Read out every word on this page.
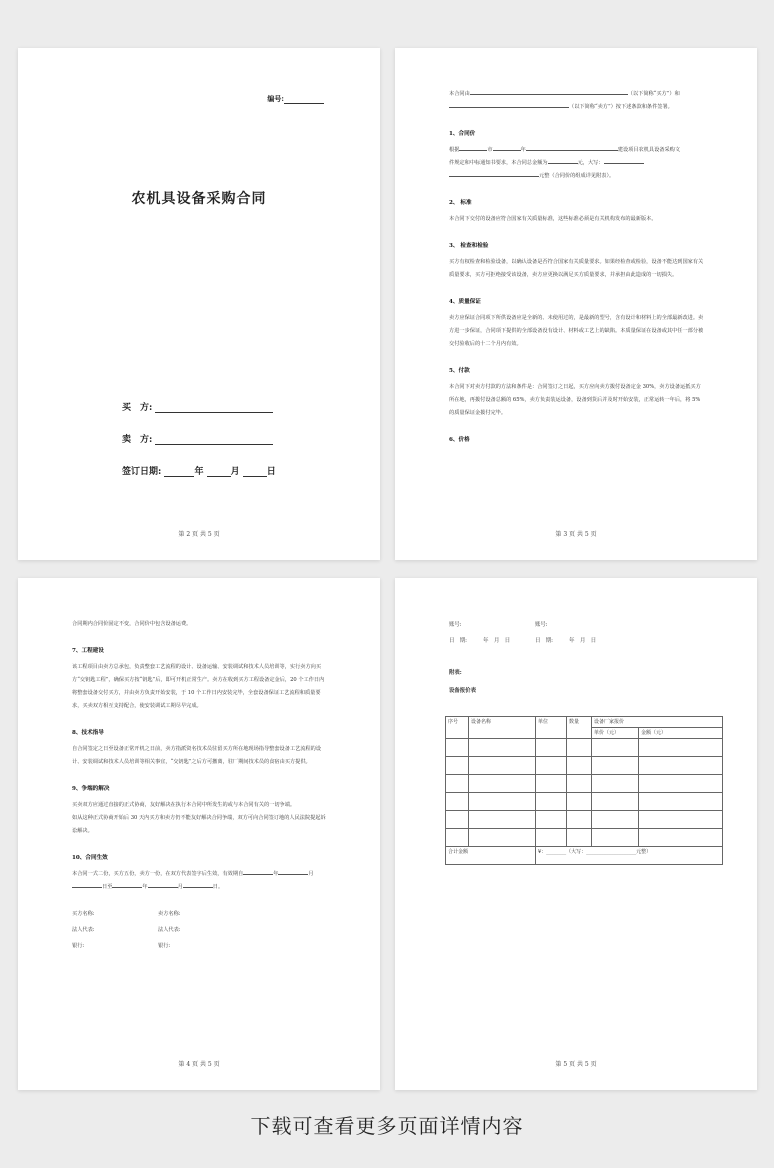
编号:
农机具设备采购合同
买　方:
卖　方:
签订日期:	年	月	日
第 2 页 共 5 页

本合同由	（以下简称“买方”）和

（以下简称“卖方”）按下述条款和条件签署。

1、合同价

根据	市	年	建设项目农机具设备采购文

件规定和中标通知书要求，本合同总金额为	元，大写：

元整（合同价的组成详见附表）。

2、 标准

本合同下交付的设备应符合国家有关质量标准，这些标准必须是有关机构发布的最新版本。

3、 检查和检验

买方有权检查和检验设备，以确认设备是否符合国家有关质量要求。如果经检查或检验，设备不能达到国家有关质量要求，买方可拒绝接受该设备，卖方应更换以满足买方质量要求，并承担由此造成的一切损失。

4、质量保证

卖方应保证合同项下所供设备应是全新的、未使用过的，是最新的型号，含有设计和材料上的全部最新改进。卖方进一步保证，合同项下提供的全部设备没有设计、材料或工艺上的缺陷。本质量保证在设备或其中任一部分被交付验收后的十二个月内有效。

5、付款

本合同下对卖方付款的方法和条件是：合同签订之日起，买方应向卖方拨付设备定金 30%，卖方设备运抵买方所在地，再拨付设备总额的 65%，卖方负责装运设备，设备到货后并及时开始安装，正常运转一年后，将 5%的质量保证金拨付完毕。

6、价格

第 3 页 共 5 页

合同期内合同价固定不变，合同价中包含设备运费。

7、工程建设

该工程项目由卖方总承包，负责整套工艺流程的设计、设备运输、安装调试和技术人员培训等，实行卖方向买方“交钥匙工程”，确保买方按“钥匙”后，即可开机正常生产。卖方在收到买方工程设备定金后，20 个工作日内将整套设备交付买方，并由卖方负责开始安装，于 10 个工作日内安装完毕，全套设备保证工艺流程和质量要求，买卖双方相互支持配合，使安装调试工期尽早完成。

8、技术指导

自合同签定之日至设备正常开机之日前，卖方指派资名技术员驻留买方所在地现场指导整套设备工艺流程的设计、安装调试和技术人员培训等相关事宜，“交钥匙”之后方可撤离，驻厂期间技术员的食宿由买方提供。

9、争端的解决

买卖双方应通过直接的正式协商，友好解决在执行本合同中所发生的或与本合同有关的一切争端。

如从这种正式协商开始后 30 天内买方和卖方仍不能友好解决合同争端，双方可向合同签订地的人民法院提起诉讼解决。

10、合同生效

本合同一式二份，买方五份，卖方一份，在双方代表签字后生效，有效期自	年	月

日至	年	月	日。

买方名称:	卖方名称:
法人代表:	法人代表:
银行:	银行:
第 4 页 共 5 页
账号:	账号:
日　期:　　　年　月　日	日　期:　　　年　月　日
附表:
设备报价表
序号	设备名称	单位	数量	设备厂家报价	
				单价（元）	金额（元）

合计金额		¥：________（大写：____________________元整）			
第 5 页 共 5 页
下载可查看更多页面详情内容
